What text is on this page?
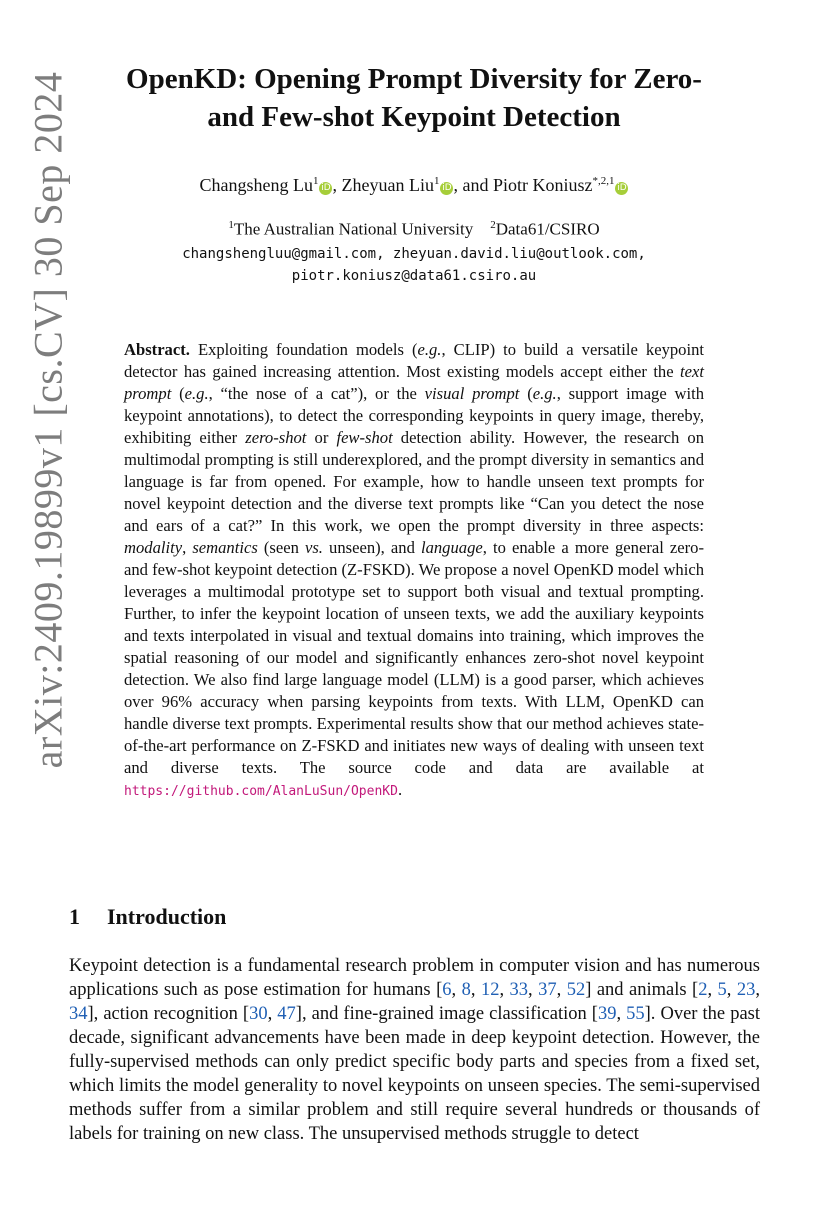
arXiv:2409.19899v1 [cs.CV] 30 Sep 2024	OpenKD: Opening Prompt Diversity for Zero-
and Few-shot Keypoint Detection
Changsheng Lu$^1$iD, Zheyuan Liu$^1$iD, and Piotr Koniusz$^{*,2,1}$iD
$^1$The Australian National University $^2$Data61/CSIRO
changshengluu@gmail.com, zheyuan.david.liu@outlook.com,
piotr.koniusz@data61.csiro.au
Abstract. Exploiting foundation models (e.g., CLIP) to build a versatile keypoint detector has gained increasing attention. Most existing models accept either the text prompt (e.g., “the nose of a cat”), or the visual prompt (e.g., support image with keypoint annotations), to detect the corresponding keypoints in query image, thereby, exhibiting either zero-shot or few-shot detection ability. However, the research on multimodal prompting is still underexplored, and the prompt diversity in semantics and language is far from opened. For example, how to handle unseen text prompts for novel keypoint detection and the diverse text prompts like “Can you detect the nose and ears of a cat?” In this work, we open the prompt diversity in three aspects: modality, semantics (seen vs. unseen), and language, to enable a more general zero- and few-shot keypoint detection (Z-FSKD). We propose a novel OpenKD model which leverages a multimodal prototype set to support both visual and textual prompting. Further, to infer the keypoint location of unseen texts, we add the auxiliary keypoints and texts interpolated in visual and textual domains into training, which improves the spatial reasoning of our model and significantly enhances zero-shot novel keypoint detection. We also find large language model (LLM) is a good parser, which achieves over 96% accuracy when parsing keypoints from texts. With LLM, OpenKD can handle diverse text prompts. Experimental results show that our method achieves state-of-the-art performance on Z-FSKD and initiates new ways of dealing with unseen text and diverse texts. The source code and data are available at https://github.com/AlanLuSun/OpenKD.
1 Introduction
Keypoint detection is a fundamental research problem in computer vision and has numerous applications such as pose estimation for humans [6, 8, 12, 33, 37, 52] and animals [2, 5, 23, 34], action recognition [30, 47], and fine-grained image classification [39, 55]. Over the past decade, significant advancements have been made in deep keypoint detection. However, the fully-supervised methods can only predict specific body parts and species from a fixed set, which limits the model generality to novel keypoints on unseen species. The semi-supervised methods suffer from a similar problem and still require several hundreds or thousands of labels for training on new class. The unsupervised methods struggle to detect
